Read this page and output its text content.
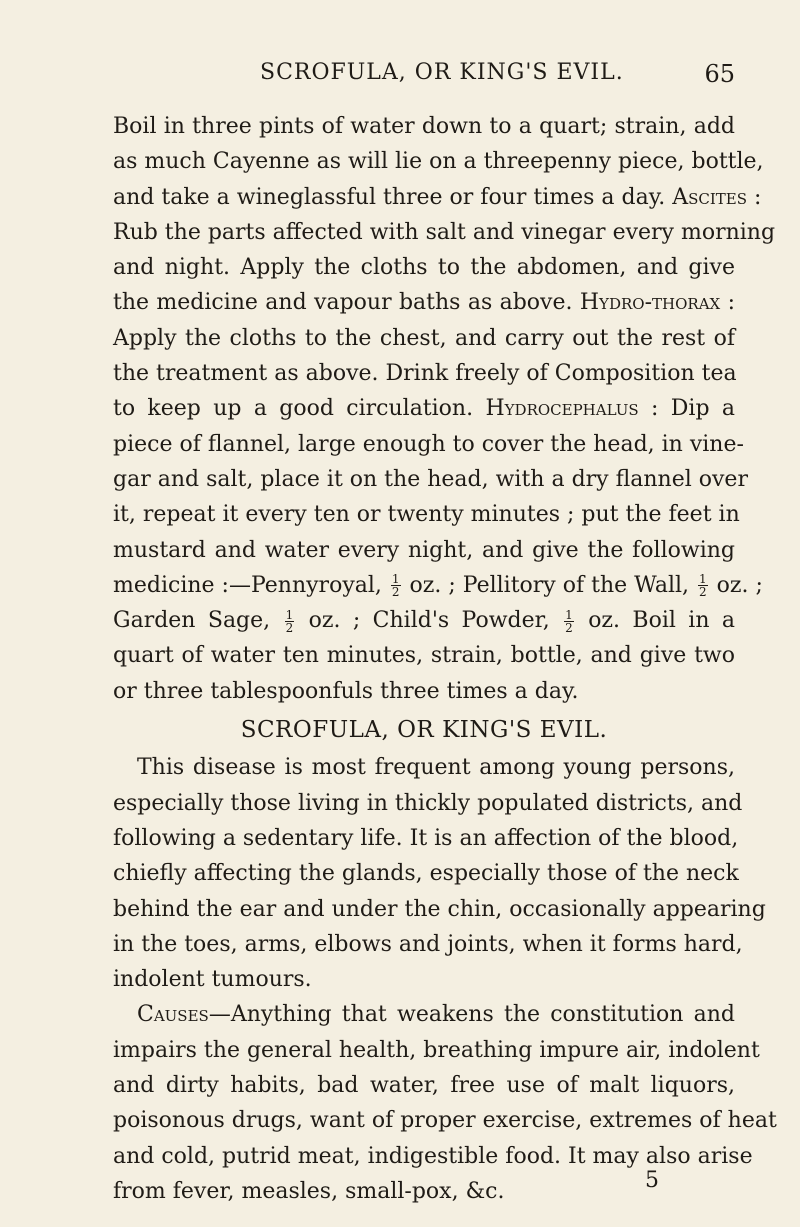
SCROFULA, OR KING'S EVIL.	65
Boil in three pints of water down to a quart; strain, add
as much Cayenne as will lie on a threepenny piece, bottle,
and take a wineglassful three or four times a day. Ascites :
Rub the parts affected with salt and vinegar every morning
and night. Apply the cloths to the abdomen, and give
the medicine and vapour baths as above. Hydro-thorax :
Apply the cloths to the chest, and carry out the rest of
the treatment as above. Drink freely of Composition tea
to keep up a good circulation. Hydrocephalus : Dip a
piece of flannel, large enough to cover the head, in vine-
gar and salt, place it on the head, with a dry flannel over
it, repeat it every ten or twenty minutes ; put the feet in
mustard and water every night, and give the following
medicine :—Pennyroyal, $\frac{1}{2}$ oz. ; Pellitory of the Wall, $\frac{1}{2}$ oz. ;
Garden Sage, $\frac{1}{2}$ oz. ; Child's Powder, $\frac{1}{2}$ oz. Boil in a
quart of water ten minutes, strain, bottle, and give two
or three tablespoonfuls three times a day.
SCROFULA, OR KING'S EVIL.
This disease is most frequent among young persons,
especially those living in thickly populated districts, and
following a sedentary life. It is an affection of the blood,
chiefly affecting the glands, especially those of the neck
behind the ear and under the chin, occasionally appearing
in the toes, arms, elbows and joints, when it forms hard,
indolent tumours.
Causes—Anything that weakens the constitution and
impairs the general health, breathing impure air, indolent
and dirty habits, bad water, free use of malt liquors,
poisonous drugs, want of proper exercise, extremes of heat
and cold, putrid meat, indigestible food. It may also arise
from fever, measles, small-pox, &c.	5
